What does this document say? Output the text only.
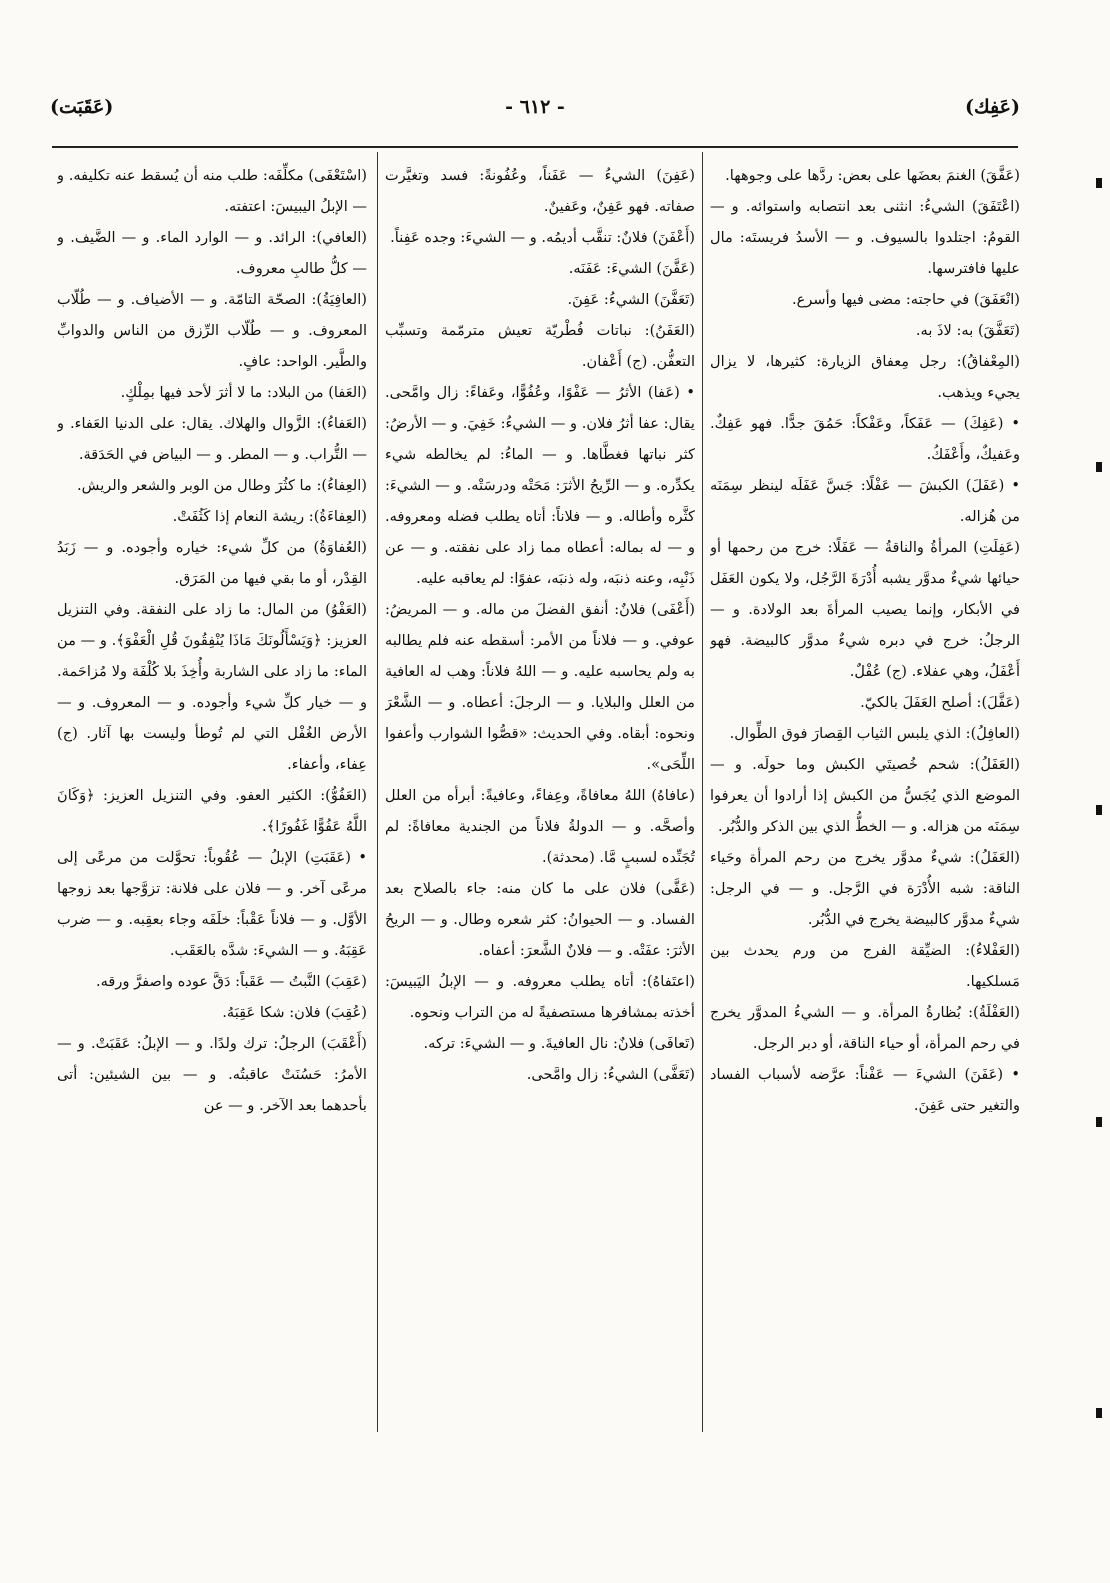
(عَفِك)
- ٦١٢ -
(عَقَبَت)

(عَفَّقَ) الغنمَ بعضَها على بعض: ردَّها على وجوهها.

(اعْتَفَقَ) الشيءُ: انثنى بعد انتصابه واستوائه. و — القومُ: اجتلدوا بالسيوف. و — الأسدُ فريستَه: مال عليها فافترسها.

(انْعَفَقَ) في حاجته: مضى فيها وأسرع.

(تَعَفَّقَ) به: لاذَ به.

(المِعْفاقُ): رجل مِعفاق الزيارة: كثيرها، لا يزال يجيء ويذهب.

• (عَفِكَ) — عَفَكاً، وعَفْكاً: حَمُقَ جدًّا. فهو عَفِكٌ. وعَفيكٌ، وأَعْفَكُ.

• (عَفَلَ) الكبشَ — عَفْلًا: جَسَّ عَفَلَه لينظر سِمَنَه من هُزاله.

(عَفِلَتِ) المرأةُ والناقةُ — عَفَلًا: خرج من رحمها أو حيائها شيءٌ مدوَّر يشبه أُدْرَةَ الرَّجُل، ولا يكون العَفَل في الأبكار، وإنما يصيب المرأةَ بعد الولادة. و — الرجلُ: خرج في دبره شيءٌ مدوَّر كالبيضة. فهو أَعْفَلُ، وهي عفلاء. (ج) عُفْلٌ.

(عَفَّلَ): أصلح العَفَلَ بالكيّ.

(العافِلُ): الذي يلبس الثياب القِصارَ فوق الطِّوال.

(العَفَلُ): شحم خُصيتَي الكبش وما حولَه. و — الموضع الذي يُجَسُّ من الكبش إذا أرادوا أن يعرفوا سِمَنَه من هزاله. و — الخطُّ الذي بين الذكر والدُّبُر.

(العَفَلُ): شيءٌ مدوَّر يخرج من رحم المرأة وحَياء الناقة: شبه الأُدْرَة في الرَّجل. و — في الرجل: شيءٌ مدوَّر كالبيضة يخرج في الدُّبُر.

(العَفْلاءُ): الضيِّقة الفرج من ورم يحدث بين مَسلكيها.

(العَفْلَةُ): بُظارةُ المرأة. و — الشيءُ المدوَّر يخرج في رحم المرأة، أو حياء الناقة، أو دبر الرجل.

• (عَفَنَ) الشيءَ — عَفْناً: عرَّضه لأسباب الفساد والتغير حتى عَفِنَ.

(عَفِنَ) الشيءُ — عَفَناً، وعُفُونةً: فسد وتغيَّرت صفاته. فهو عَفِنٌ، وعَفينٌ.

(أَعْفَنَ) فلانٌ: تنقَّب أديمُه. و — الشيءَ: وجده عَفِناً.

(عَفَّنَ) الشيءَ: عَفَنَه.

(تَعَفَّنَ) الشيءُ: عَفِنَ.

(العَفَنُ): نباتات فُطْريّة تعيش مترمّمة وتسبِّب التعفُّن. (ج) أَعْفان.

• (عَفا) الأثرُ — عَفْوًا، وعُفُوًّا، وعَفاءً: زال وامَّحى. يقال: عفا أثرُ فلان. و — الشيءُ: خَفِيَ. و — الأرضُ: كثر نباتها فغطَّاها. و — الماءُ: لم يخالطه شيء يكدِّره. و — الرِّيحُ الأثرَ: مَحَتْه ودرسَتْه. و — الشيءَ: كثَّره وأطاله. و — فلاناً: أتاه يطلب فضله ومعروفه. و — له بماله: أعطاه مما زاد على نفقته. و — عن ذَنْبِه، وعنه ذنبَه، وله ذنبَه، عفوًا: لم يعاقبه عليه.

(أَعْفَى) فلانٌ: أنفق الفضلَ من ماله. و — المريضُ: عوفي. و — فلاناً من الأمر: أسقطه عنه فلم يطالبه به ولم يحاسبه عليه. و — اللهُ فلاناً: وهب له العافية من العلل والبلايا. و — الرجلَ: أعطاه. و — الشَّعْرَ ونحوه: أبقاه. وفي الحديث: «قصُّوا الشوارب وأعفوا اللِّحَى».

(عافاهُ) اللهُ معافاةً، وعِفاءً، وعافيةً: أبرأه من العلل وأصحَّه. و — الدولةُ فلاناً من الجندية معافاةً: لم تُجَنِّده لسببٍ مَّا. (محدثة).

(عَفَّى) فلان على ما كان منه: جاء بالصلاح بعد الفساد. و — الحيوانُ: كثر شعره وطال. و — الريحُ الأثرَ: عفَتْه. و — فلانٌ الشَّعرَ: أعفاه.

(اعتَفاهُ): أتاه يطلب معروفه. و — الإبلُ اليَبيسَ: أخذته بمشافرها مستصفيةً له من التراب ونحوه.

(تَعافَى) فلانٌ: نال العافيةَ. و — الشيءَ: تركه.

(تَعَفَّى) الشيءُ: زال وامَّحى.

(اسْتَعْفَى) مكلِّفَه: طلب منه أن يُسقط عنه تكليفه. و — الإبلُ اليبيسَ: اعتفته.

(العافي): الرائد. و — الوارد الماء. و — الضَّيف. و — كلُّ طالبِ معروف.

(العافِيَةُ): الصحّة التامّة. و — الأضياف. و — طُلّاب المعروف. و — طُلّاب الرِّزق من الناس والدوابِّ والطَّير. الواحد: عافٍ.

(العَفا) من البلاد: ما لا أثرَ لأحد فيها بمِلْكٍ.

(العَفاءُ): الزَّوال والهلاك. يقال: على الدنيا العَفاء. و — التُّراب. و — المطر. و — البياض في الحَدَقة.

(العِفاءُ): ما كثُرَ وطال من الوبر والشعر والريش.

(العِفاءَةُ): ريشة النعام إذا كَثُفَتْ.

(العُفاوَةُ) من كلِّ شيء: خياره وأجوده. و — زَبَدُ القِدْر، أو ما بقي فيها من المَرَق.

(العَفْوُ) من المال: ما زاد على النفقة. وفي التنزيل العزيز: ﴿وَيَسْأَلُونَكَ مَاذَا يُنْفِقُونَ قُلِ الْعَفْوَ﴾. و — من الماء: ما زاد على الشاربة وأُخِذَ بلا كُلْفَة ولا مُزاحَمة. و — خيار كلِّ شيء وأجوده. و — المعروف. و — الأرض الغُفْل التي لم تُوطأ وليست بها آثار. (ج) عِفاء، وأعفاء.

(العَفُوُّ): الكثير العفو. وفي التنزيل العزيز: ﴿وَكَانَ اللَّهُ عَفُوًّا غَفُورًا﴾.

• (عَقَبَتِ) الإبلُ — عُقُوباً: تحوَّلت من مرعًى إلى مرعًى آخر. و — فلان على فلانة: تزوَّجها بعد زوجها الأوَّل. و — فلاناً عَقْباً: خلَفَه وجاء بعقِبه. و — ضرب عَقِبَهُ. و — الشيءَ: شدَّه بالعَقَب.

(عَقِبَ) النَّبتُ — عَقَباً: دَقَّ عوده واصفرَّ ورقه.

(عُقِبَ) فلان: شكا عَقِبَهُ.

(أَعْقَبَ) الرجلُ: ترك ولدًا. و — الإبلُ: عَقَبَتْ. و — الأمرُ: حَسُنَتْ عاقبتُه. و — بين الشيئين: أتى بأحدهما بعد الآخر. و — عن
